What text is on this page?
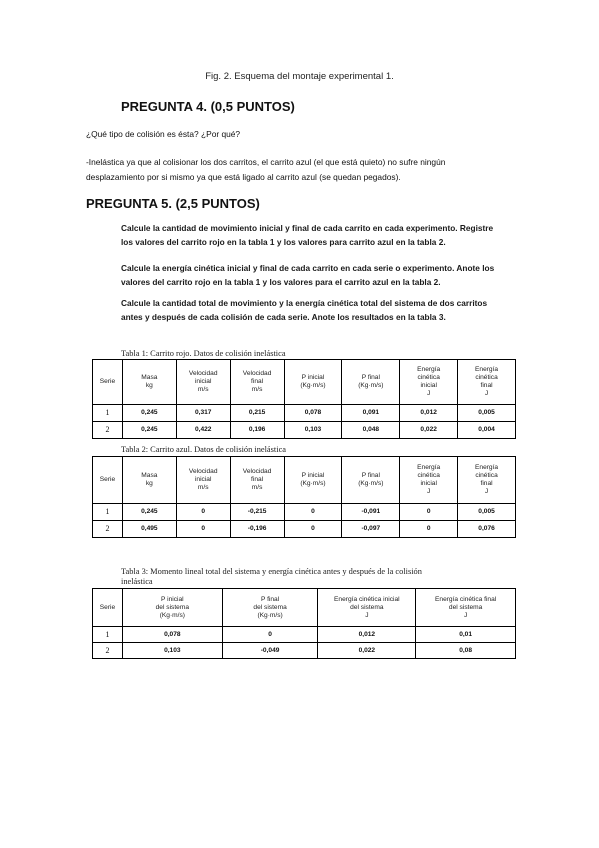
Fig. 2. Esquema del montaje experimental 1.
PREGUNTA 4. (0,5 PUNTOS)
¿Qué tipo de colisión es ésta? ¿Por qué?
-Inelástica ya que al colisionar los dos carritos, el carrito azul (el que está quieto) no sufre ningún
desplazamiento por si mismo ya que está ligado al carrito azul (se quedan pegados).
PREGUNTA 5. (2,5 PUNTOS)
Calcule la cantidad de movimiento inicial y final de cada carrito en cada experimento. Registre
los valores del carrito rojo en la tabla 1 y los valores para carrito azul en la tabla 2.
Calcule la energía cinética inicial y final de cada carrito en cada serie o experimento. Anote los
valores del carrito rojo en la tabla 1 y los valores para el carrito azul en la tabla 2.
Calcule la cantidad total de movimiento y la energía cinética total del sistema de dos carritos
antes y después de cada colisión de cada serie. Anote los resultados en la tabla 3.
Tabla 1: Carrito rojo. Datos de colisión inelástica
Serie	Masa
kg	Velocidad
inicial
m/s	Velocidad
final
m/s	P inicial
(Kg·m/s)	P final
(Kg·m/s)	Energía
cinética
inicial
J	Energía
cinética
final
J
1	0,245	0,317	0,215	0,078	0,091	0,012	0,005
2	0,245	0,422	0,196	0,103	0,048	0,022	0,004
Tabla 2: Carrito azul. Datos de colisión inelástica
Serie	Masa
kg	Velocidad
inicial
m/s	Velocidad
final
m/s	P inicial
(Kg·m/s)	P final
(Kg·m/s)	Energía
cinética
inicial
J	Energía
cinética
final
J
1	0,245	0	-0,215	0	-0,091	0	0,005
2	0,495	0	-0,196	0	-0,097	0	0,076
Tabla 3: Momento lineal total del sistema y energía cinética antes y después de la colisión
inelástica
Serie	P inicial
del sistema
(Kg·m/s)	P final
del sistema
(Kg·m/s)	Energía cinética inicial
del sistema
J	Energía cinética final
del sistema
J
1	0,078	0	0,012	0,01
2	0,103	-0,049	0,022	0,08
